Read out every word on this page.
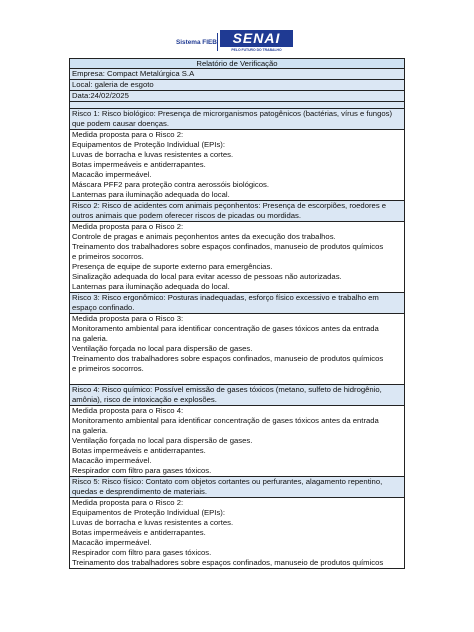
Sistema FIEB	SENAI
PELO FUTURO DO TRABALHO
Relatório de Verificação
Empresa: Compact Metalúrgica S.A
Local: galeria de esgoto
Data:24/02/2025

Risco 1: Risco biológico: Presença de microrganismos patogênicos (bactérias, vírus e fungos)
que podem causar doenças.

Medida proposta para o Risco 2:
Equipamentos de Proteção Individual (EPIs):
Luvas de borracha e luvas resistentes a cortes.
Botas impermeáveis e antiderrapantes.
Macacão impermeável.
Máscara PFF2 para proteção contra aerossóis biológicos.
Lanternas para iluminação adequada do local.

Risco 2: Risco de acidentes com animais peçonhentos: Presença de escorpiões, roedores e
outros animais que podem oferecer riscos de picadas ou mordidas.

Medida proposta para o Risco 2:
Controle de pragas e animais peçonhentos antes da execução dos trabalhos.
Treinamento dos trabalhadores sobre espaços confinados, manuseio de produtos químicos
e primeiros socorros.
Presença de equipe de suporte externo para emergências.
Sinalização adequada do local para evitar acesso de pessoas não autorizadas.
Lanternas para iluminação adequada do local.

Risco 3: Risco ergonômico: Posturas inadequadas, esforço físico excessivo e trabalho em
espaço confinado.

Medida proposta para o Risco 3:
Monitoramento ambiental para identificar concentração de gases tóxicos antes da entrada
na galeria.
Ventilação forçada no local para dispersão de gases.
Treinamento dos trabalhadores sobre espaços confinados, manuseio de produtos químicos
e primeiros socorros.

Risco 4: Risco químico: Possível emissão de gases tóxicos (metano, sulfeto de hidrogênio,
amônia), risco de intoxicação e explosões.

Medida proposta para o Risco 4:
Monitoramento ambiental para identificar concentração de gases tóxicos antes da entrada
na galeria.
Ventilação forçada no local para dispersão de gases.
Botas impermeáveis e antiderrapantes.
Macacão impermeável.
Respirador com filtro para gases tóxicos.

Risco 5: Risco físico: Contato com objetos cortantes ou perfurantes, alagamento repentino,
quedas e desprendimento de materiais.

Medida proposta para o Risco 2:
Equipamentos de Proteção Individual (EPIs):
Luvas de borracha e luvas resistentes a cortes.
Botas impermeáveis e antiderrapantes.
Macacão impermeável.
Respirador com filtro para gases tóxicos.
Treinamento dos trabalhadores sobre espaços confinados, manuseio de produtos químicos
